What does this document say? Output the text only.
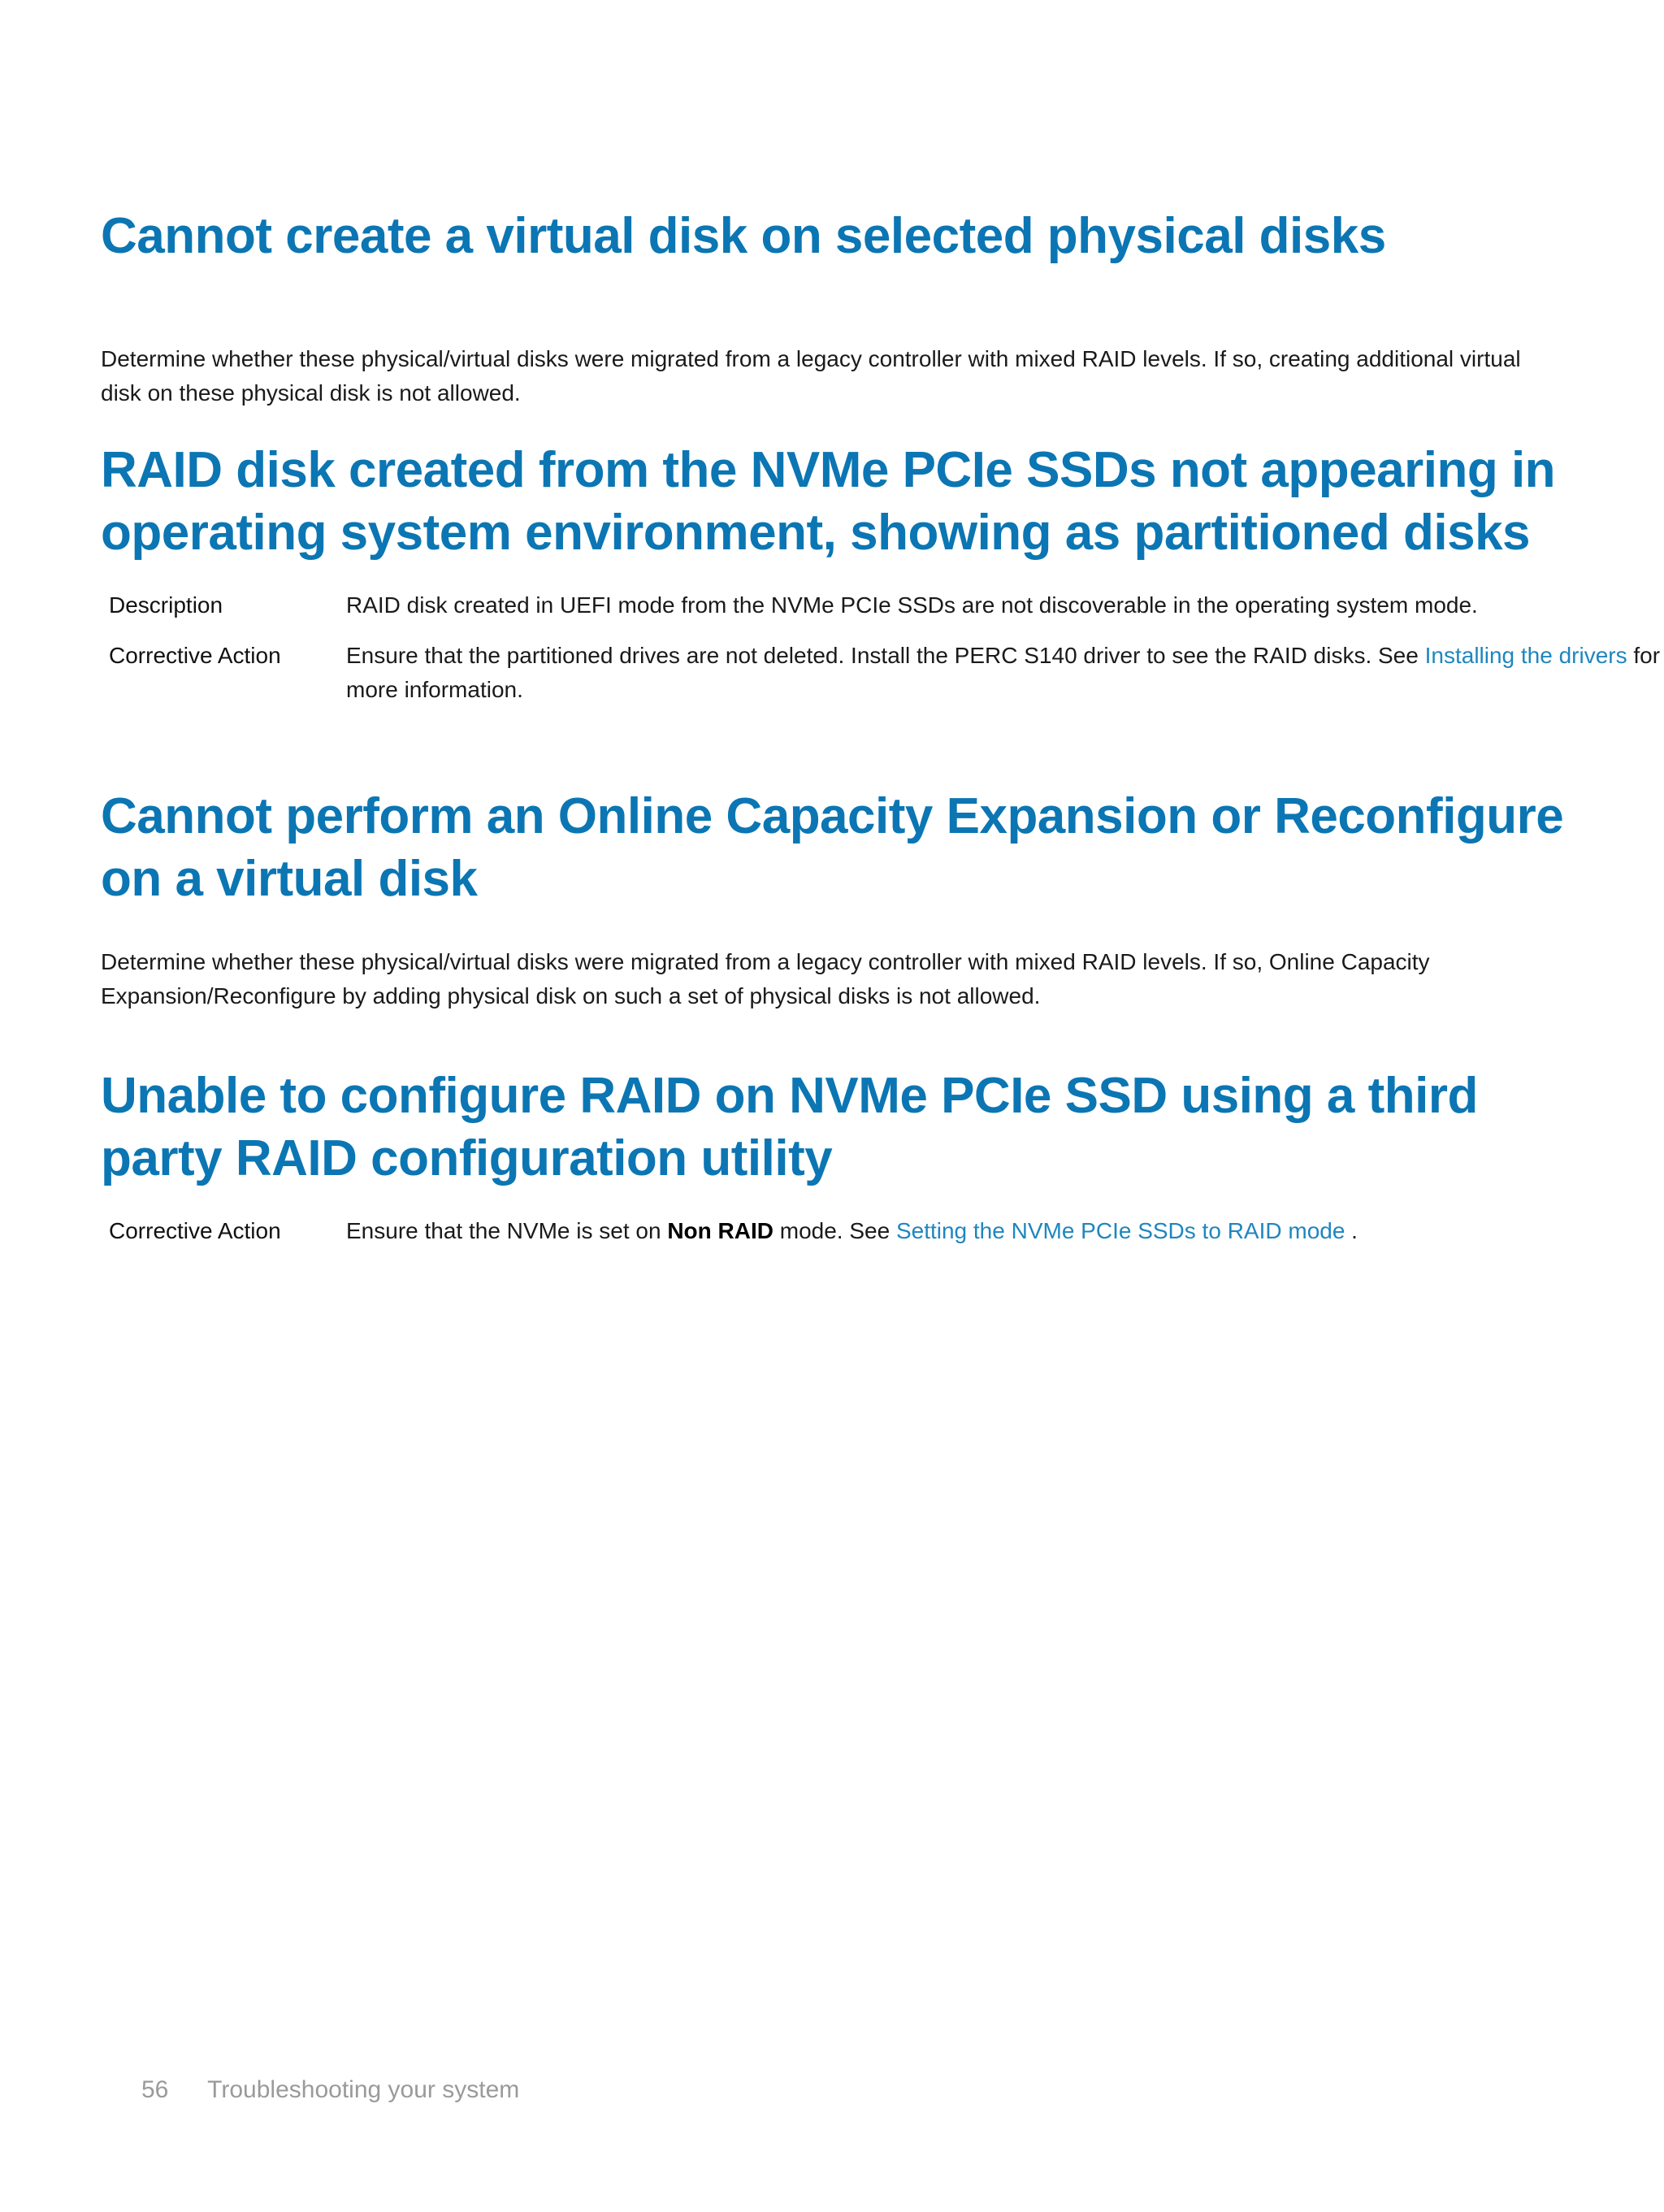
Cannot create a virtual disk on selected physical disks

Determine whether these physical/virtual disks were migrated from a legacy controller with mixed RAID levels. If so, creating additional virtual disk on these physical disk is not allowed.

RAID disk created from the NVMe PCIe SSDs not appearing in operating system environment, showing as partitioned disks
Description	RAID disk created in UEFI mode from the NVMe PCIe SSDs are not discoverable in the operating system mode.
Corrective Action	Ensure that the partitioned drives are not deleted. Install the PERC S140 driver to see the RAID disks. See Installing the drivers for more information.
Cannot perform an Online Capacity Expansion or Reconfigure on a virtual disk

Determine whether these physical/virtual disks were migrated from a legacy controller with mixed RAID levels. If so, Online Capacity Expansion/Reconfigure by adding physical disk on such a set of physical disks is not allowed.

Unable to configure RAID on NVMe PCIe SSD using a third party RAID configuration utility
Corrective Action	Ensure that the NVMe is set on Non RAID mode. See Setting the NVMe PCIe SSDs to RAID mode .
56 Troubleshooting your system
